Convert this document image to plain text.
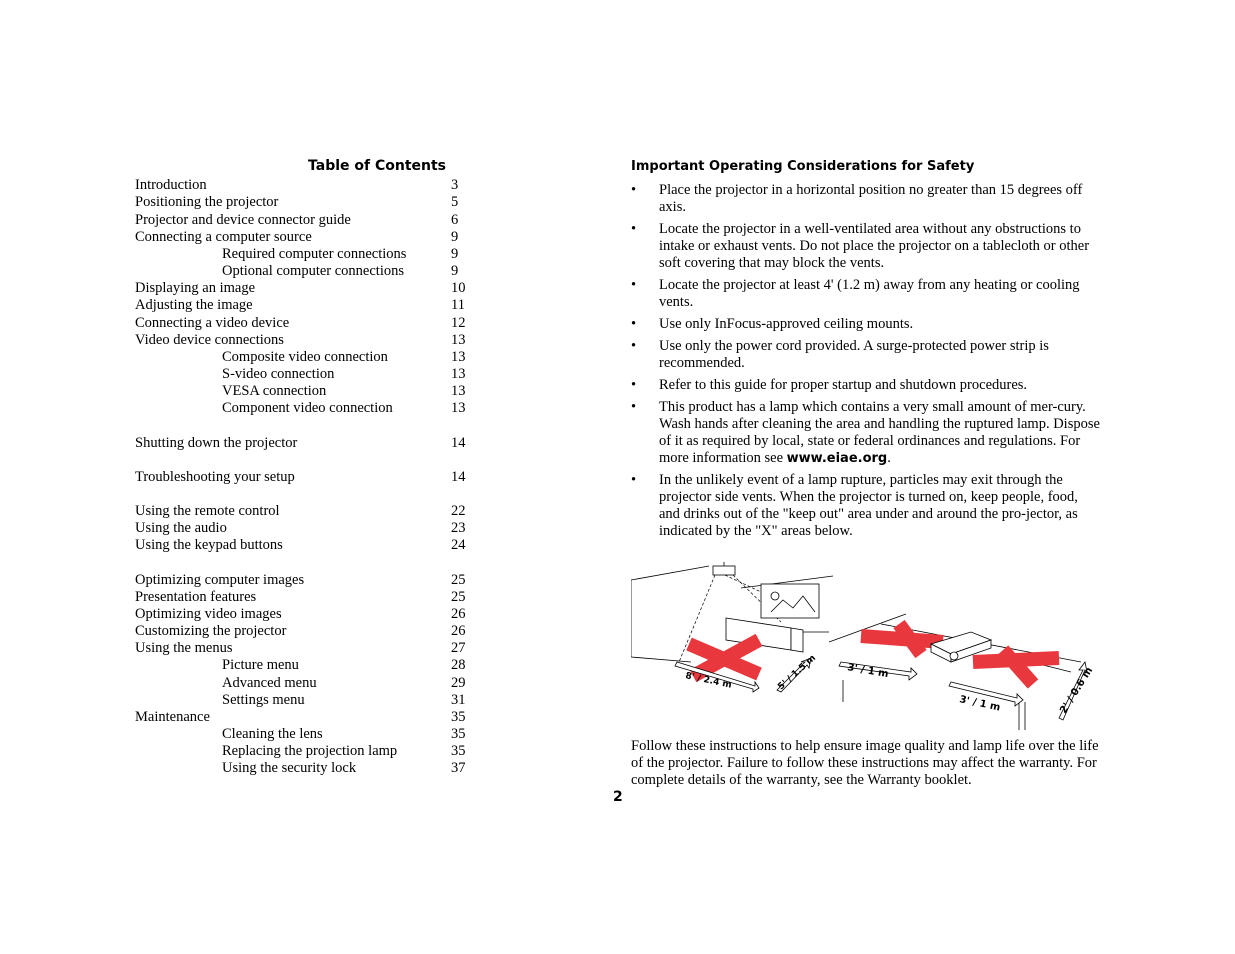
Table of Contents
Introduction	3
Positioning the projector	5
Projector and device connector guide	6
Connecting a computer source	9
Required computer connections	9
Optional computer connections	9
Displaying an image	10
Adjusting the image	11
Connecting a video device	12
Video device connections	13
Composite video connection	13
S-video connection	13
VESA connection	13
Component video connection	13
Shutting down the projector	14
Troubleshooting your setup	14
Using the remote control	22
Using the audio	23
Using the keypad buttons	24
Optimizing computer images	25
Presentation features	25
Optimizing video images	26
Customizing the projector	26
Using the menus	27
Picture menu	28
Advanced menu	29
Settings menu	31
Maintenance	35
Cleaning the lens	35
Replacing the projection lamp	35
Using the security lock	37
Important Operating Considerations for Safety
• Place the projector in a horizontal position no greater than 15 degrees off axis.
• Locate the projector in a well-ventilated area without any obstructions to intake or exhaust vents. Do not place the projector on a tablecloth or other soft covering that may block the vents.
• Locate the projector at least 4' (1.2 m) away from any heating or cooling vents.
• Use only InFocus-approved ceiling mounts.
• Use only the power cord provided. A surge-protected power strip is recommended.
• Refer to this guide for proper startup and shutdown procedures.
• This product has a lamp which contains a very small amount of mer-cury. Wash hands after cleaning the area and handling the ruptured lamp. Dispose of it as required by local, state or federal ordinances and regulations. For more information see www.eiae.org.
• In the unlikely event of a lamp rupture, particles may exit through the projector side vents. When the projector is turned on, keep people, food, and drinks out of the "keep out" area under and around the pro-jector, as indicated by the "X" areas below.
8' / 2.4 m	5' / 1.5 m	3' / 1 m
3' / 1 m	2' / 0.6 m
Follow these instructions to help ensure image quality and lamp life over the life of the projector. Failure to follow these instructions may affect the warranty. For complete details of the warranty, see the Warranty booklet.
2
